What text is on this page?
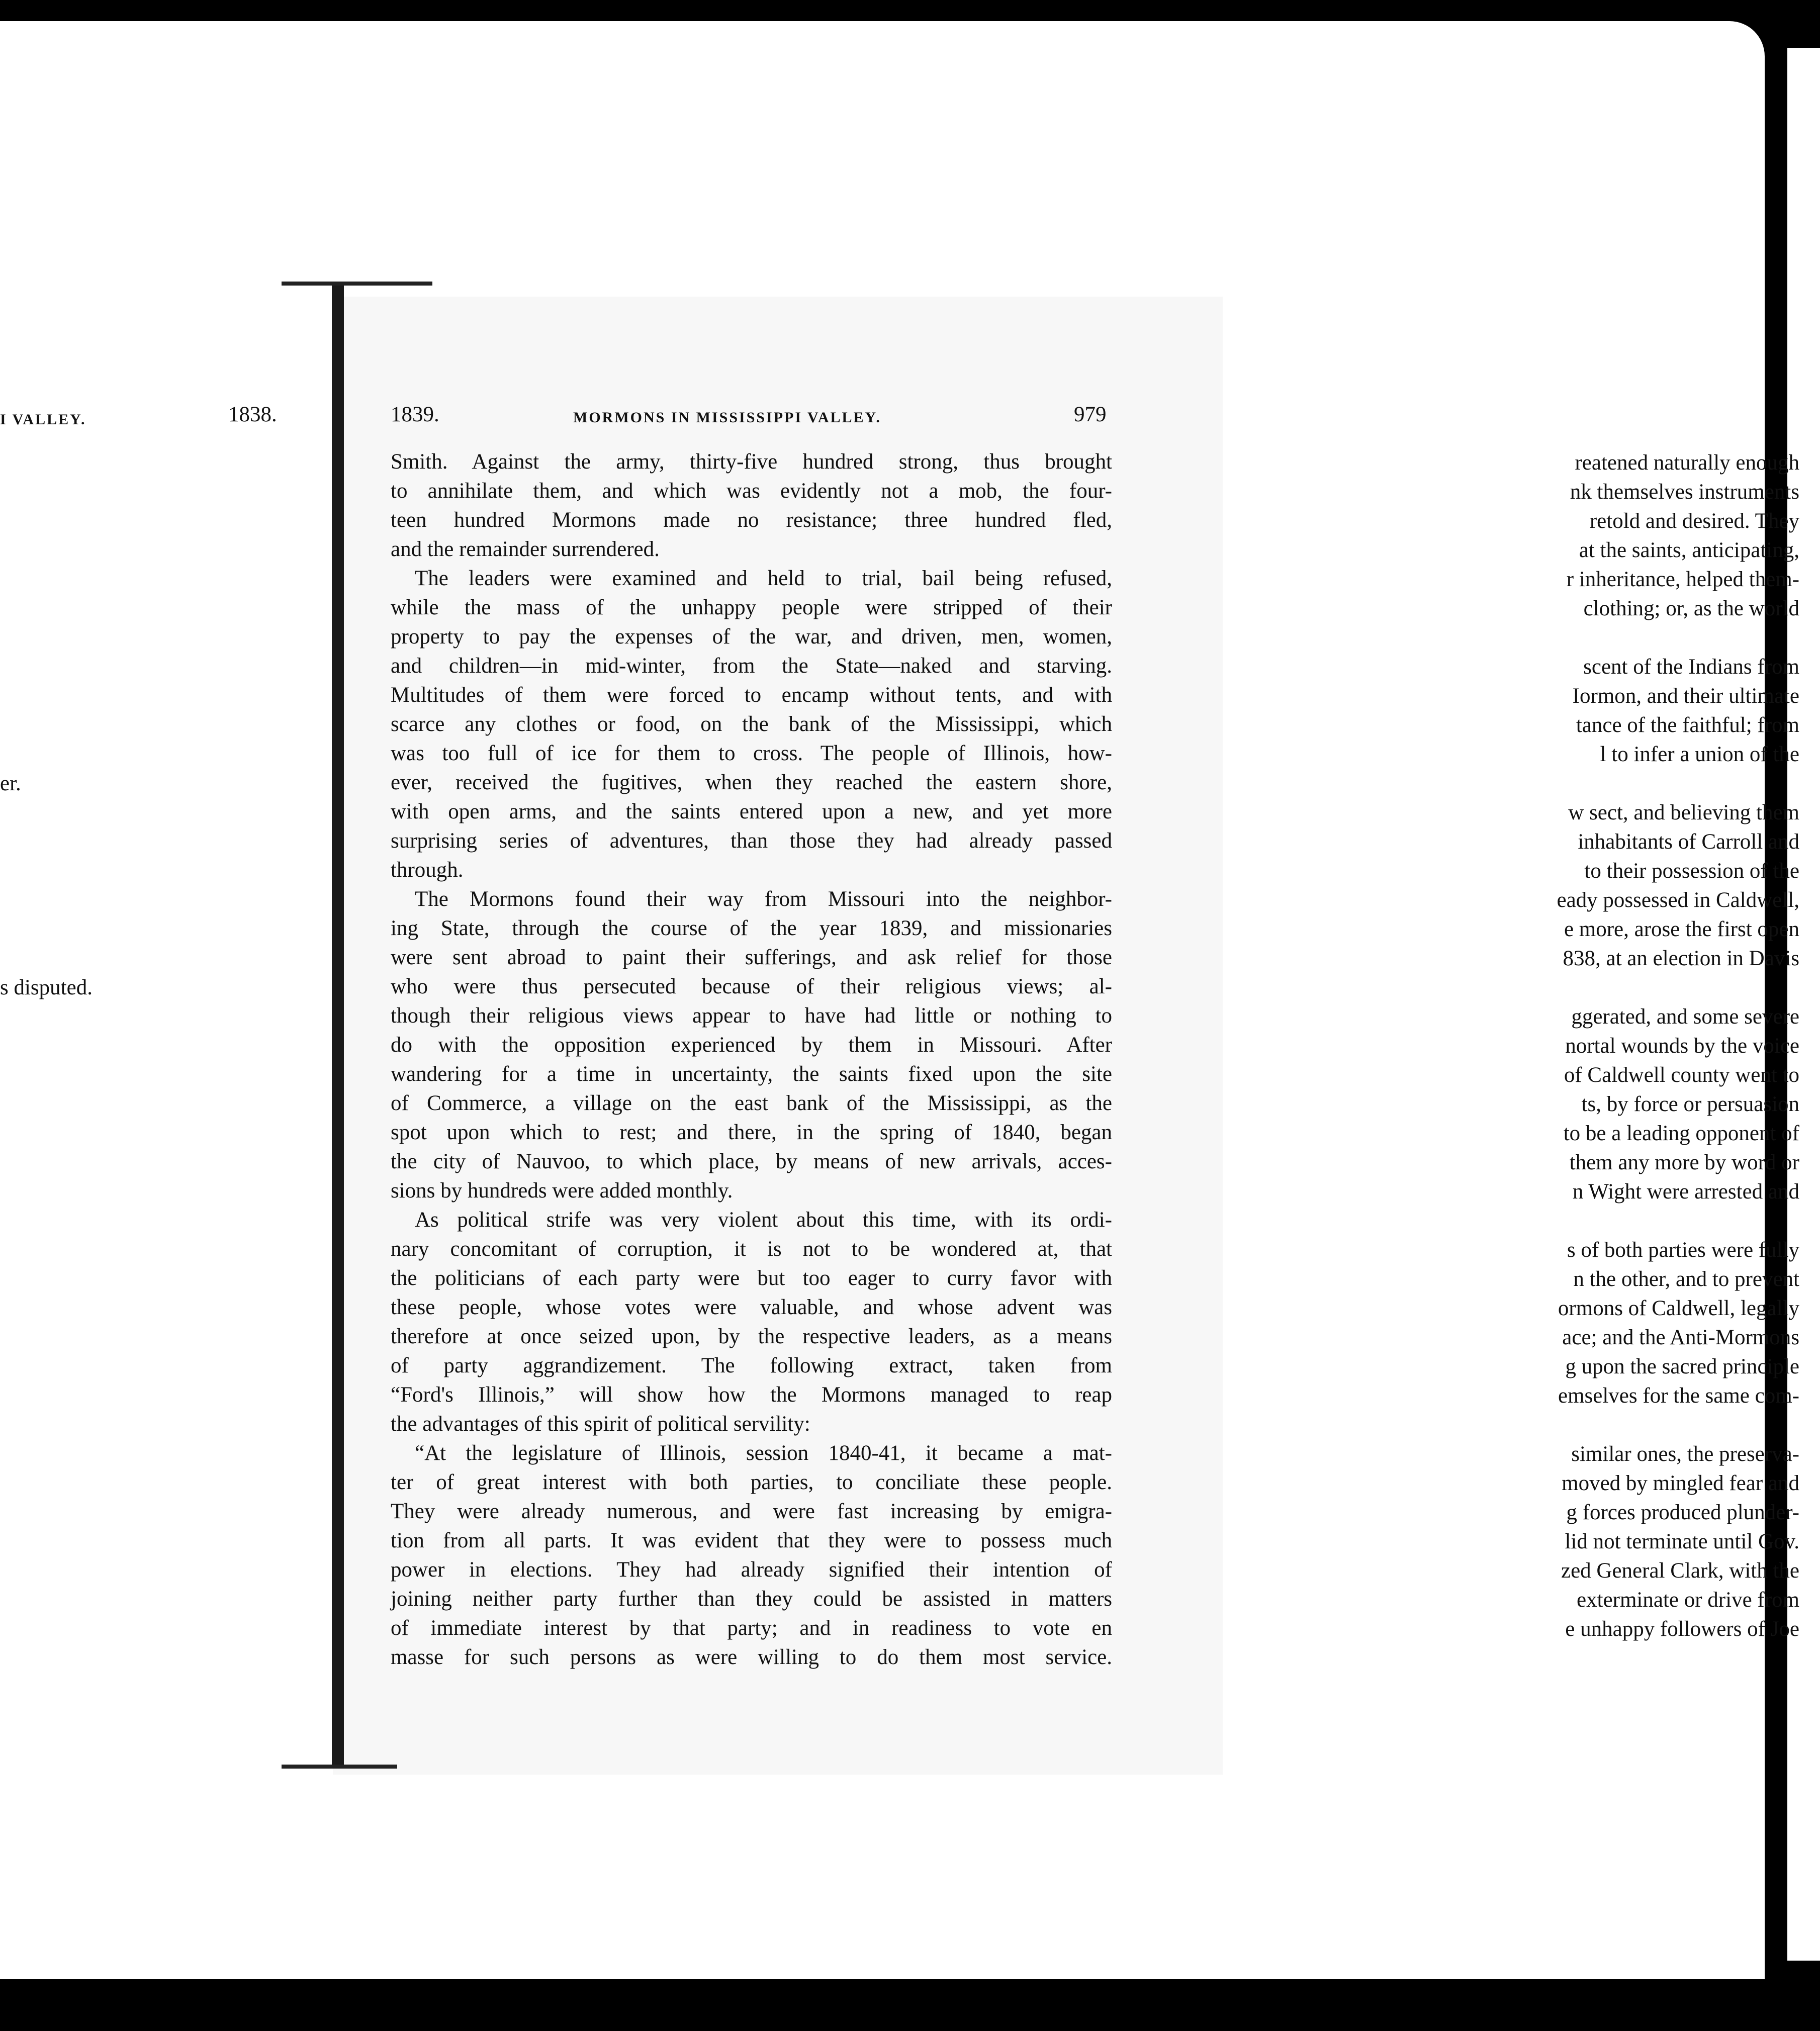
I VALLEY.	1838.	1839.	MORMONS IN MISSISSIPPI VALLEY.	979
reatened naturally enough
nk themselves instruments
retold and desired. They
at the saints, anticipating,
r inheritance, helped them-
clothing; or, as the world
scent of the Indians from
Iormon, and their ultimate
tance of the faithful; from
l to infer a union of the
er.
w sect, and believing them
inhabitants of Carroll and
to their possession of the
eady possessed in Caldwell,
e more, arose the first open
838, at an election in Davis
s disputed.
ggerated, and some severe
nortal wounds by the voice
of Caldwell county went to
ts, by force or persuasion
to be a leading opponent of
them any more by word or
n Wight were arrested and
s of both parties were fully
n the other, and to prevent
ormons of Caldwell, legally
ace; and the Anti-Mormons
g upon the sacred principle
emselves for the same com-
similar ones, the preserva-
moved by mingled fear and
g forces produced plunder-
lid not terminate until Gov.
zed General Clark, with the
exterminate or drive from
e unhappy followers of Joe
Smith. Against the army, thirty-five hundred strong, thus brought
to annihilate them, and which was evidently not a mob, the four-
teen hundred Mormons made no resistance; three hundred fled,
and the remainder surrendered.
The leaders were examined and held to trial, bail being refused,
while the mass of the unhappy people were stripped of their
property to pay the expenses of the war, and driven, men, women,
and children—in mid-winter, from the State—naked and starving.
Multitudes of them were forced to encamp without tents, and with
scarce any clothes or food, on the bank of the Mississippi, which
was too full of ice for them to cross. The people of Illinois, how-
ever, received the fugitives, when they reached the eastern shore,
with open arms, and the saints entered upon a new, and yet more
surprising series of adventures, than those they had already passed
through.
The Mormons found their way from Missouri into the neighbor-
ing State, through the course of the year 1839, and missionaries
were sent abroad to paint their sufferings, and ask relief for those
who were thus persecuted because of their religious views; al-
though their religious views appear to have had little or nothing to
do with the opposition experienced by them in Missouri. After
wandering for a time in uncertainty, the saints fixed upon the site
of Commerce, a village on the east bank of the Mississippi, as the
spot upon which to rest; and there, in the spring of 1840, began
the city of Nauvoo, to which place, by means of new arrivals, acces-
sions by hundreds were added monthly.
As political strife was very violent about this time, with its ordi-
nary concomitant of corruption, it is not to be wondered at, that
the politicians of each party were but too eager to curry favor with
these people, whose votes were valuable, and whose advent was
therefore at once seized upon, by the respective leaders, as a means
of party aggrandizement. The following extract, taken from
“Ford's Illinois,” will show how the Mormons managed to reap
the advantages of this spirit of political servility:
“At the legislature of Illinois, session 1840-41, it became a mat-
ter of great interest with both parties, to conciliate these people.
They were already numerous, and were fast increasing by emigra-
tion from all parts. It was evident that they were to possess much
power in elections. They had already signified their intention of
joining neither party further than they could be assisted in matters
of immediate interest by that party; and in readiness to vote en
masse for such persons as were willing to do them most service.
